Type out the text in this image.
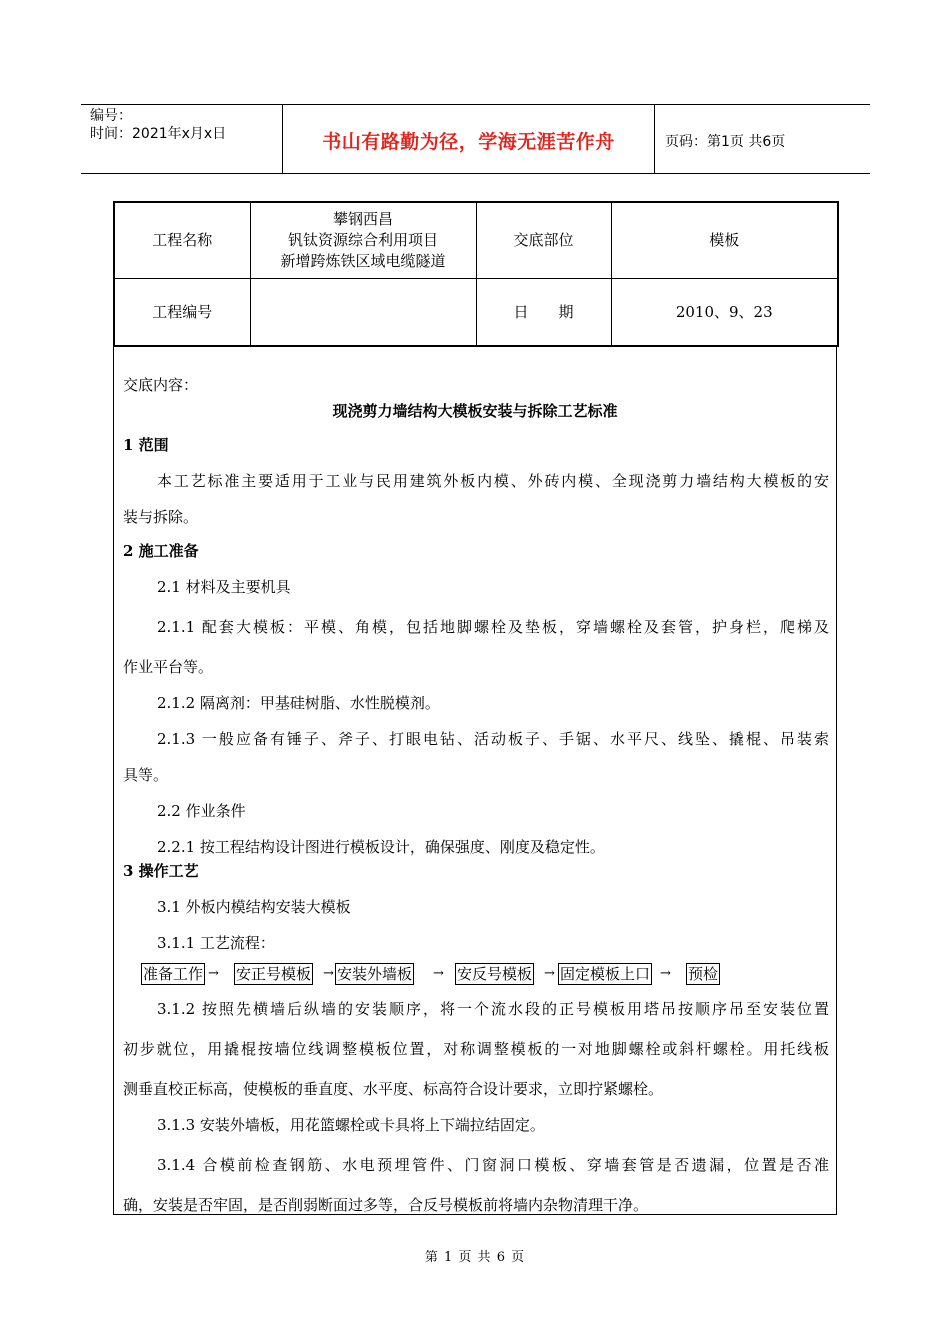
编号：
时间：2021年x月x日	书山有路勤为径，学海无涯苦作舟	页码：第1页 共6页
工程名称	攀钢西昌
钒钛资源综合利用项目
新增跨炼铁区域电缆隧道	交底部位	模板
工程编号		日　　期	2010、9、23
交底内容：
现浇剪力墙结构大模板安装与拆除工艺标准
1 范围
本工艺标准主要适用于工业与民用建筑外板内模、外砖内模、全现浇剪力墙结构大模板的安
装与拆除。
2 施工准备
2.1 材料及主要机具
2.1.1 配套大模板：平模、角模，包括地脚螺栓及垫板，穿墙螺栓及套管，护身栏，爬梯及
作业平台等。
2.1.2 隔离剂：甲基硅树脂、水性脱模剂。
2.1.3 一般应备有锤子、斧子、打眼电钻、活动板子、手锯、水平尺、线坠、撬棍、吊装索
具等。
2.2 作业条件
2.2.1 按工程结构设计图进行模板设计，确保强度、刚度及稳定性。
3 操作工艺
3.1 外板内模结构安装大模板
3.1.1 工艺流程：
准备工作 → 安正号模板 → 安装外墙板 → 安反号模板 → 固定模板上口 → 预检
3.1.2 按照先横墙后纵墙的安装顺序，将一个流水段的正号模板用塔吊按顺序吊至安装位置
初步就位，用撬棍按墙位线调整模板位置，对称调整模板的一对地脚螺栓或斜杆螺栓。用托线板
测垂直校正标高，使模板的垂直度、水平度、标高符合设计要求，立即拧紧螺栓。
3.1.3 安装外墙板，用花篮螺栓或卡具将上下端拉结固定。
3.1.4 合模前检查钢筋、水电预埋管件、门窗洞口模板、穿墙套管是否遗漏，位置是否准
确，安装是否牢固，是否削弱断面过多等，合反号模板前将墙内杂物清理干净。
第 1 页 共 6 页
